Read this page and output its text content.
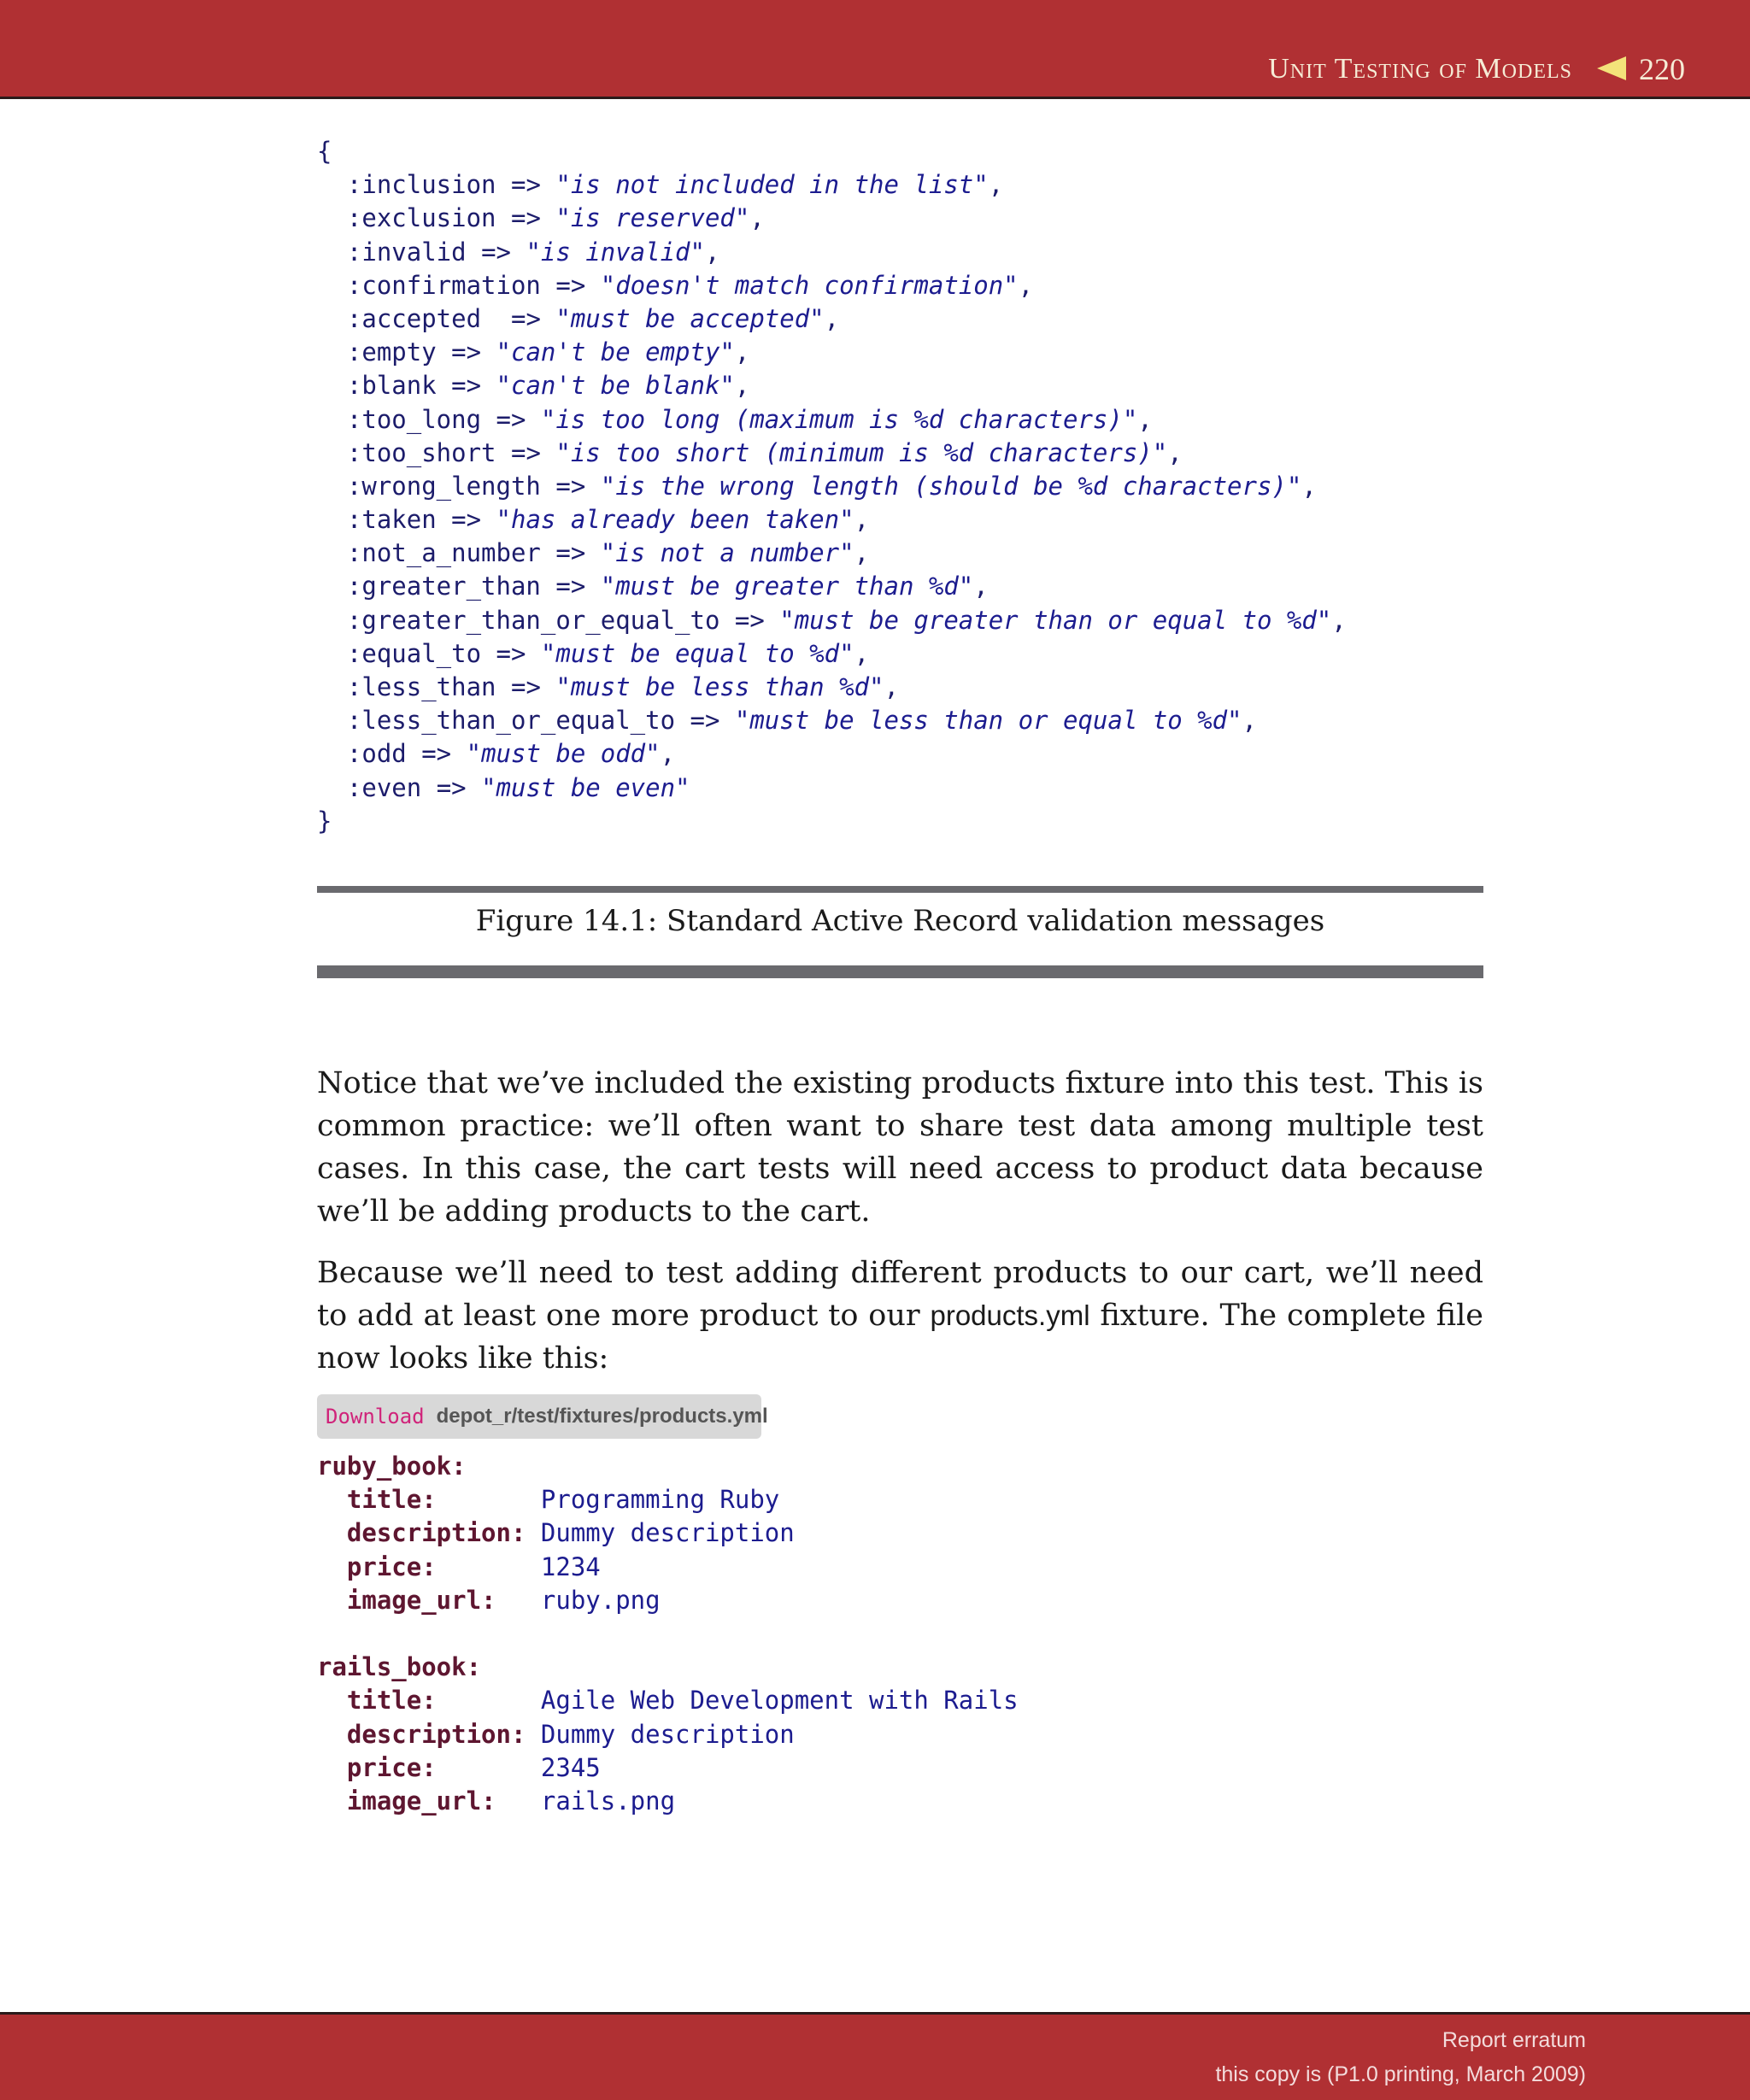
Unit Testing of Models 220
{
:inclusion => "is not included in the list",
:exclusion => "is reserved",
:invalid => "is invalid",
:confirmation => "doesn't match confirmation",
:accepted  => "must be accepted",
:empty => "can't be empty",
:blank => "can't be blank",
:too_long => "is too long (maximum is %d characters)",
:too_short => "is too short (minimum is %d characters)",
:wrong_length => "is the wrong length (should be %d characters)",
:taken => "has already been taken",
:not_a_number => "is not a number",
:greater_than => "must be greater than %d",
:greater_than_or_equal_to => "must be greater than or equal to %d",
:equal_to => "must be equal to %d",
:less_than => "must be less than %d",
:less_than_or_equal_to => "must be less than or equal to %d",
:odd => "must be odd",
:even => "must be even"
}
Figure 14.1: Standard Active Record validation messages

Notice that we’ve included the existing products fixture into this test. This is common practice: we’ll often want to share test data among multiple test cases. In this case, the cart tests will need access to product data because we’ll be adding products to the cart.

Because we’ll need to test adding different products to our cart, we’ll need to add at least one more product to our products.yml fixture. The complete file now looks like this:

Download depot_r/test/fixtures/products.yml
ruby_book:
title:	Programming Ruby
description: Dummy description
price:	1234
image_url: ruby.png

rails_book:
title:	Agile Web Development with Rails
description: Dummy description
price:	2345
image_url: rails.png
Report erratum
this copy is (P1.0 printing, March 2009)
